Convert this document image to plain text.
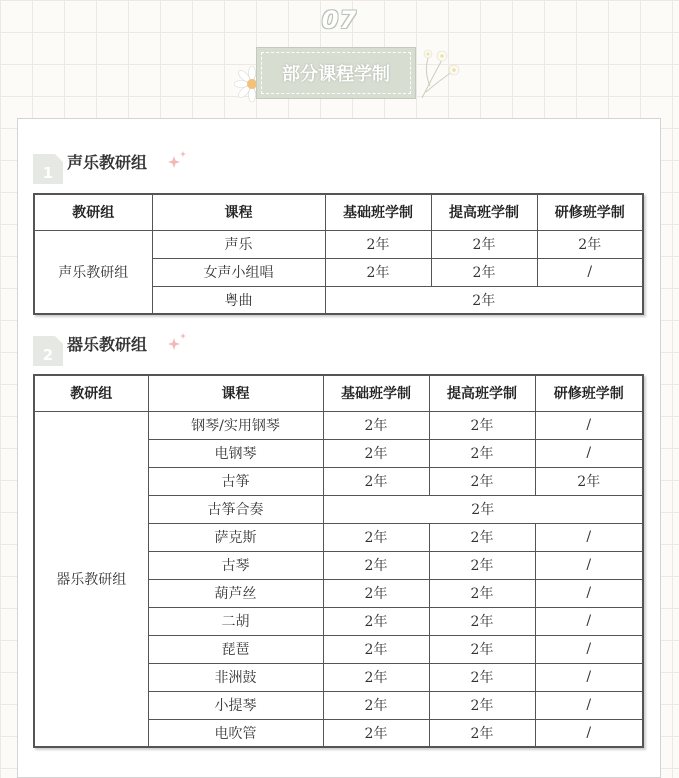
07
部分课程学制
1
声乐教研组
教研组	课程	基础班学制	提高班学制	研修班学制
声乐教研组	声乐	2年	2年	2年
	女声小组唱	2年	2年	/
	粤曲	2年		
2
器乐教研组
教研组	课程	基础班学制	提高班学制	研修班学制
器乐教研组	钢琴/实用钢琴	2年	2年	/
	电钢琴	2年	2年	/
	古筝	2年	2年	2年
	古筝合奏	2年		
	萨克斯	2年	2年	/
	古琴	2年	2年	/
	葫芦丝	2年	2年	/
	二胡	2年	2年	/
	琵琶	2年	2年	/
	非洲鼓	2年	2年	/
	小提琴	2年	2年	/
	电吹管	2年	2年	/
